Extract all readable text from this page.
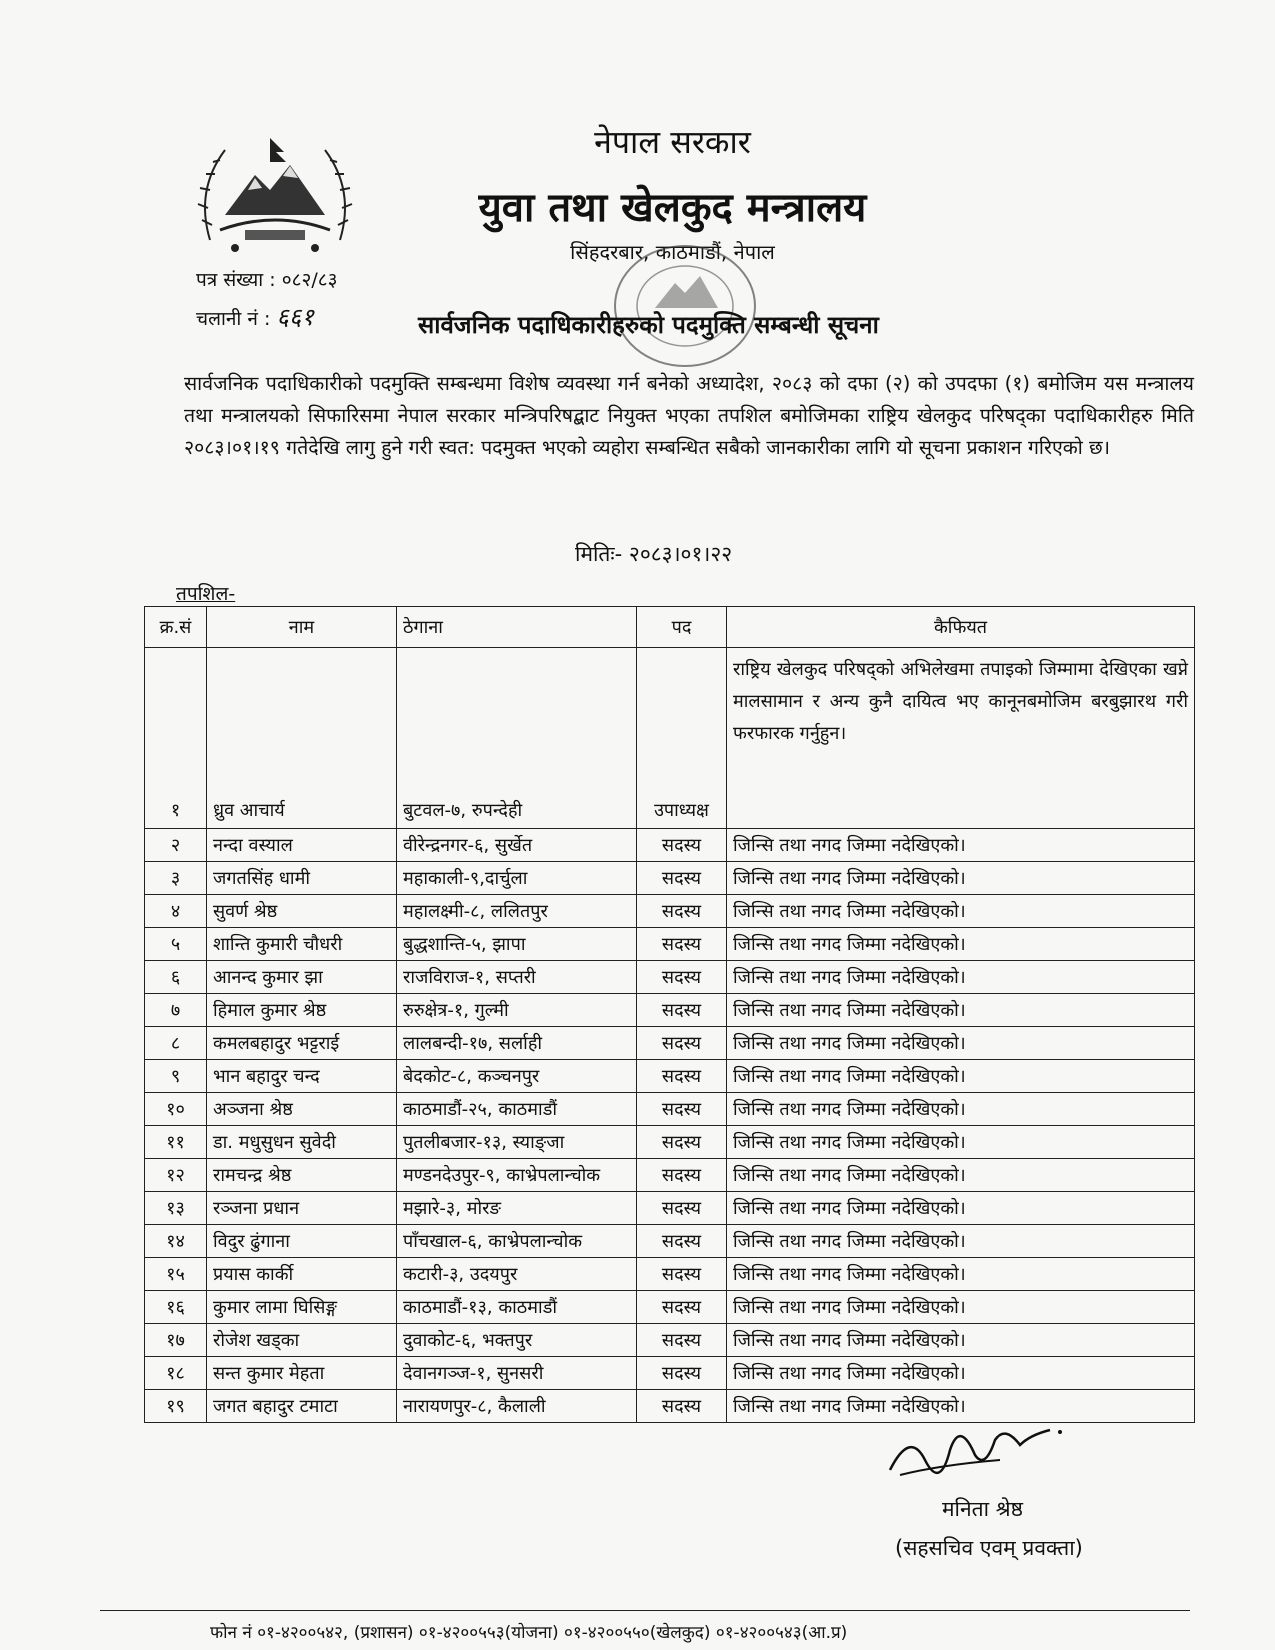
नेपाल सरकार
युवा तथा खेलकुद मन्त्रालय
सिंहदरबार, काठमाडौं, नेपाल
पत्र संख्या : ०८२/८३
चलानी नं : ६६१	सार्वजनिक पदाधिकारीहरुको पदमुक्ति सम्बन्धी सूचना
सार्वजनिक पदाधिकारीको पदमुक्ति सम्बन्धमा विशेष व्यवस्था गर्न बनेको अध्यादेश, २०८३ को दफा (२) को उपदफा (१) बमोजिम यस मन्त्रालय तथा मन्त्रालयको सिफारिसमा नेपाल सरकार मन्त्रिपरिषद्बाट नियुक्त भएका तपशिल बमोजिमका राष्ट्रिय खेलकुद परिषद्का पदाधिकारीहरु मिति २०८३।०१।१९ गतेदेखि लागु हुने गरी स्वत: पदमुक्त भएको व्यहोरा सम्बन्धित सबैको जानकारीका लागि यो सूचना प्रकाशन गरिएको छ।
मितिः- २०८३।०१।२२
तपशिल-
क्र.सं	नाम	ठेगाना	पद	कैफियत
१	ध्रुव आचार्य	बुटवल-७, रुपन्देही	उपाध्यक्ष	राष्ट्रिय खेलकुद परिषद्को अभिलेखमा तपाइको जिम्मामा देखिएका खप्ने मालसामान र अन्य कुनै दायित्व भए कानूनबमोजिम बरबुझारथ गरी फरफारक गर्नुहुन।
२	नन्दा वस्याल	वीरेन्द्रनगर-६, सुर्खेत	सदस्य	जिन्सि तथा नगद जिम्मा नदेखिएको।
३	जगतसिंह धामी	महाकाली-९,दार्चुला	सदस्य	जिन्सि तथा नगद जिम्मा नदेखिएको।
४	सुवर्ण श्रेष्ठ	महालक्ष्मी-८, ललितपुर	सदस्य	जिन्सि तथा नगद जिम्मा नदेखिएको।
५	शान्ति कुमारी चौधरी	बुद्धशान्ति-५, झापा	सदस्य	जिन्सि तथा नगद जिम्मा नदेखिएको।
६	आनन्द कुमार झा	राजविराज-१, सप्तरी	सदस्य	जिन्सि तथा नगद जिम्मा नदेखिएको।
७	हिमाल कुमार श्रेष्ठ	रुरुक्षेत्र-१, गुल्मी	सदस्य	जिन्सि तथा नगद जिम्मा नदेखिएको।
८	कमलबहादुर भट्टराई	लालबन्दी-१७, सर्लाही	सदस्य	जिन्सि तथा नगद जिम्मा नदेखिएको।
९	भान बहादुर चन्द	बेदकोट-८, कञ्चनपुर	सदस्य	जिन्सि तथा नगद जिम्मा नदेखिएको।
१०	अञ्जना श्रेष्ठ	काठमाडौं-२५, काठमाडौं	सदस्य	जिन्सि तथा नगद जिम्मा नदेखिएको।
११	डा. मधुसुधन सुवेदी	पुतलीबजार-१३, स्याङ्जा	सदस्य	जिन्सि तथा नगद जिम्मा नदेखिएको।
१२	रामचन्द्र श्रेष्ठ	मण्डनदेउपुर-९, काभ्रेपलान्चोक	सदस्य	जिन्सि तथा नगद जिम्मा नदेखिएको।
१३	रञ्जना प्रधान	मझारे-३, मोरङ	सदस्य	जिन्सि तथा नगद जिम्मा नदेखिएको।
१४	विदुर ढुंगाना	पाँचखाल-६, काभ्रेपलान्चोक	सदस्य	जिन्सि तथा नगद जिम्मा नदेखिएको।
१५	प्रयास कार्की	कटारी-३, उदयपुर	सदस्य	जिन्सि तथा नगद जिम्मा नदेखिएको।
१६	कुमार लामा घिसिङ्ग	काठमाडौं-१३, काठमाडौं	सदस्य	जिन्सि तथा नगद जिम्मा नदेखिएको।
१७	रोजेश खड्का	दुवाकोट-६, भक्तपुर	सदस्य	जिन्सि तथा नगद जिम्मा नदेखिएको।
१८	सन्त कुमार मेहता	देवानगञ्ज-१, सुनसरी	सदस्य	जिन्सि तथा नगद जिम्मा नदेखिएको।
१९	जगत बहादुर टमाटा	नारायणपुर-८, कैलाली	सदस्य	जिन्सि तथा नगद जिम्मा नदेखिएको।
मनिता श्रेष्ठ
(सहसचिव एवम् प्रवक्ता)
फोन नं ०१-४२००५४२, (प्रशासन) ०१-४२००५५३(योजना) ०१-४२००५५०(खेलकुद) ०१-४२००५४३(आ.प्र)
